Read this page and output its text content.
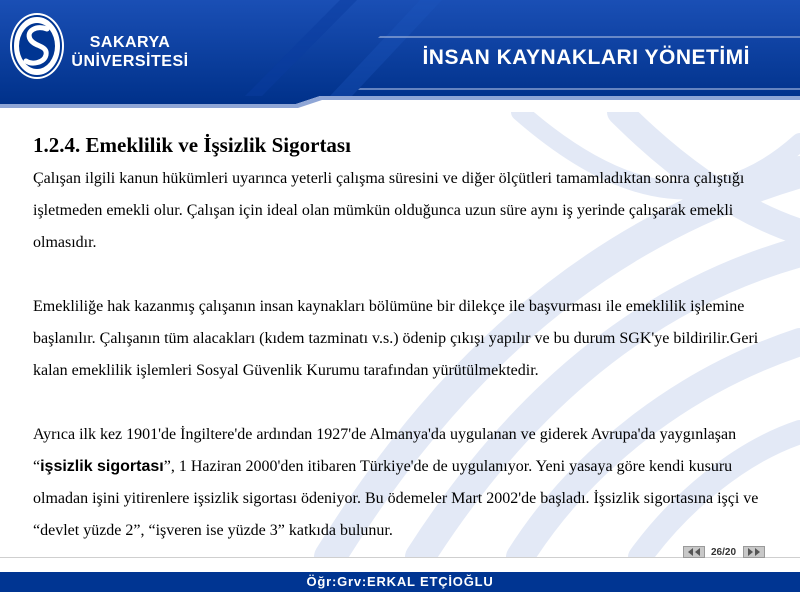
SAKARYA
ÜNİVERSİTESİ	İNSAN KAYNAKLARI YÖNETİMİ
1.2.4. Emeklilik ve İşsizlik Sigortası

Çalışan ilgili kanun hükümleri uyarınca yeterli çalışma süresini ve diğer ölçütleri tamamladıktan sonra çalıştığı işletmeden emekli olur. Çalışan için ideal olan mümkün olduğunca uzun süre aynı iş yerinde çalışarak emekli olmasıdır.

Emekliliğe hak kazanmış çalışanın insan kaynakları bölümüne bir dilekçe ile başvurması ile emeklilik işlemine başlanılır. Çalışanın tüm alacakları (kıdem tazminatı v.s.) ödenip çıkışı yapılır ve bu durum SGK'ye bildirilir.Geri kalan emeklilik işlemleri Sosyal Güvenlik Kurumu tarafından yürütülmektedir.

Ayrıca ilk kez 1901'de İngiltere'de ardından 1927'de Almanya'da uygulanan ve giderek Avrupa'da yaygınlaşan “işsizlik sigortası”, 1 Haziran 2000'den itibaren Türkiye'de de uygulanıyor. Yeni yasaya göre kendi kusuru olmadan işini yitirenlere işsizlik sigortası ödeniyor. Bu ödemeler Mart 2002'de başladı. İşsizlik sigortasına işçi ve “devlet yüzde 2”, “işveren ise yüzde 3” katkıda bulunur.

26/20
Öğr:Grv:ERKAL ETÇİOĞLU
